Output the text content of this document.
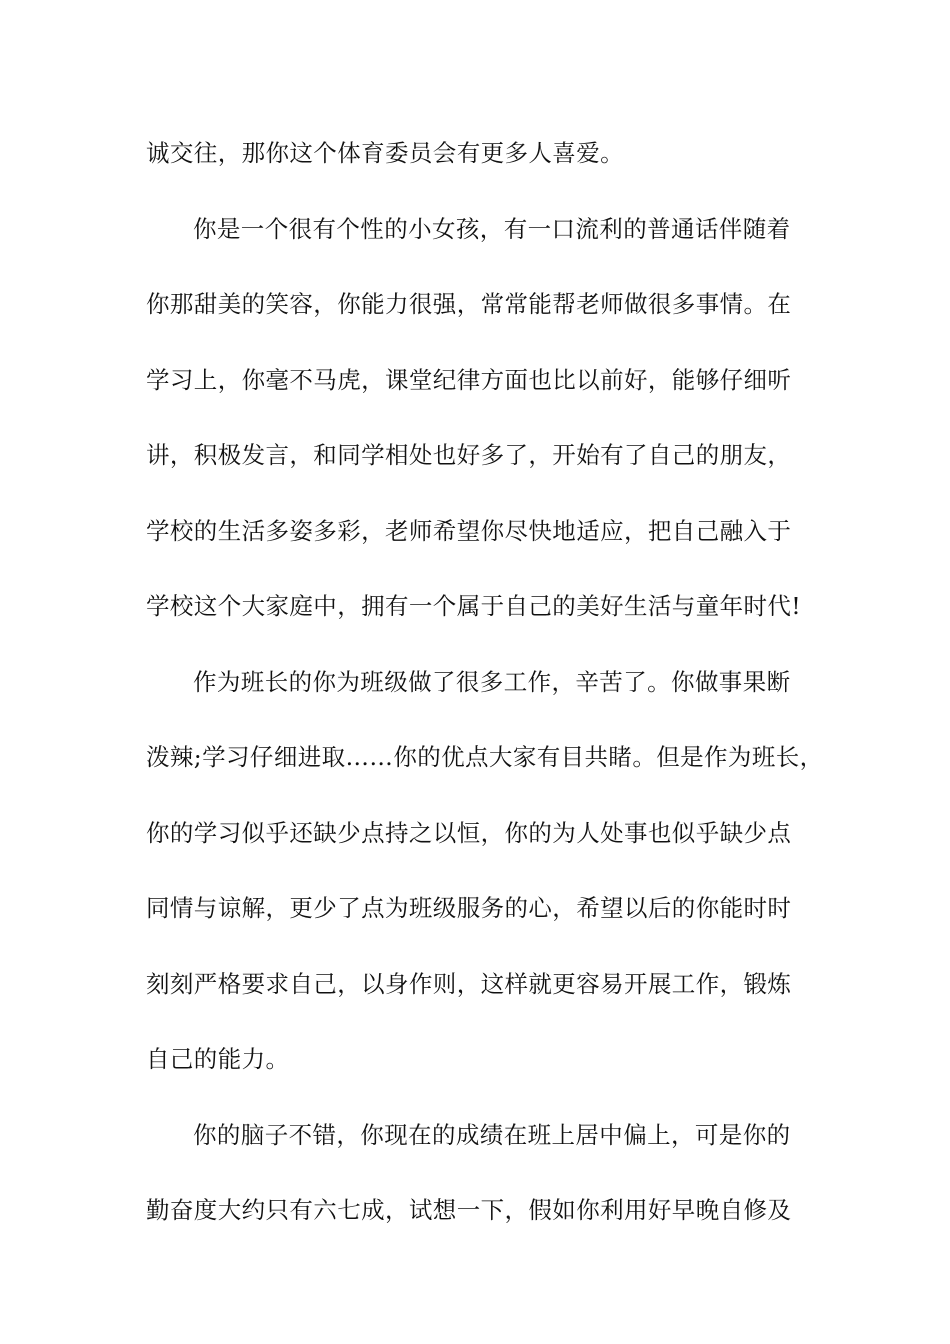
诚交往，那你这个体育委员会有更多人喜爱。
你是一个很有个性的小女孩，有一口流利的普通话伴随着
你那甜美的笑容，你能力很强，常常能帮老师做很多事情。在
学习上，你毫不马虎，课堂纪律方面也比以前好，能够仔细听
讲，积极发言，和同学相处也好多了，开始有了自己的朋友，
学校的生活多姿多彩，老师希望你尽快地适应，把自己融入于
学校这个大家庭中，拥有一个属于自己的美好生活与童年时代!
作为班长的你为班级做了很多工作，辛苦了。你做事果断
泼辣;学习仔细进取……你的优点大家有目共睹。但是作为班长，
你的学习似乎还缺少点持之以恒，你的为人处事也似乎缺少点
同情与谅解，更少了点为班级服务的心，希望以后的你能时时
刻刻严格要求自己，以身作则，这样就更容易开展工作，锻炼
自己的能力。
你的脑子不错，你现在的成绩在班上居中偏上，可是你的
勤奋度大约只有六七成，试想一下，假如你利用好早晚自修及
